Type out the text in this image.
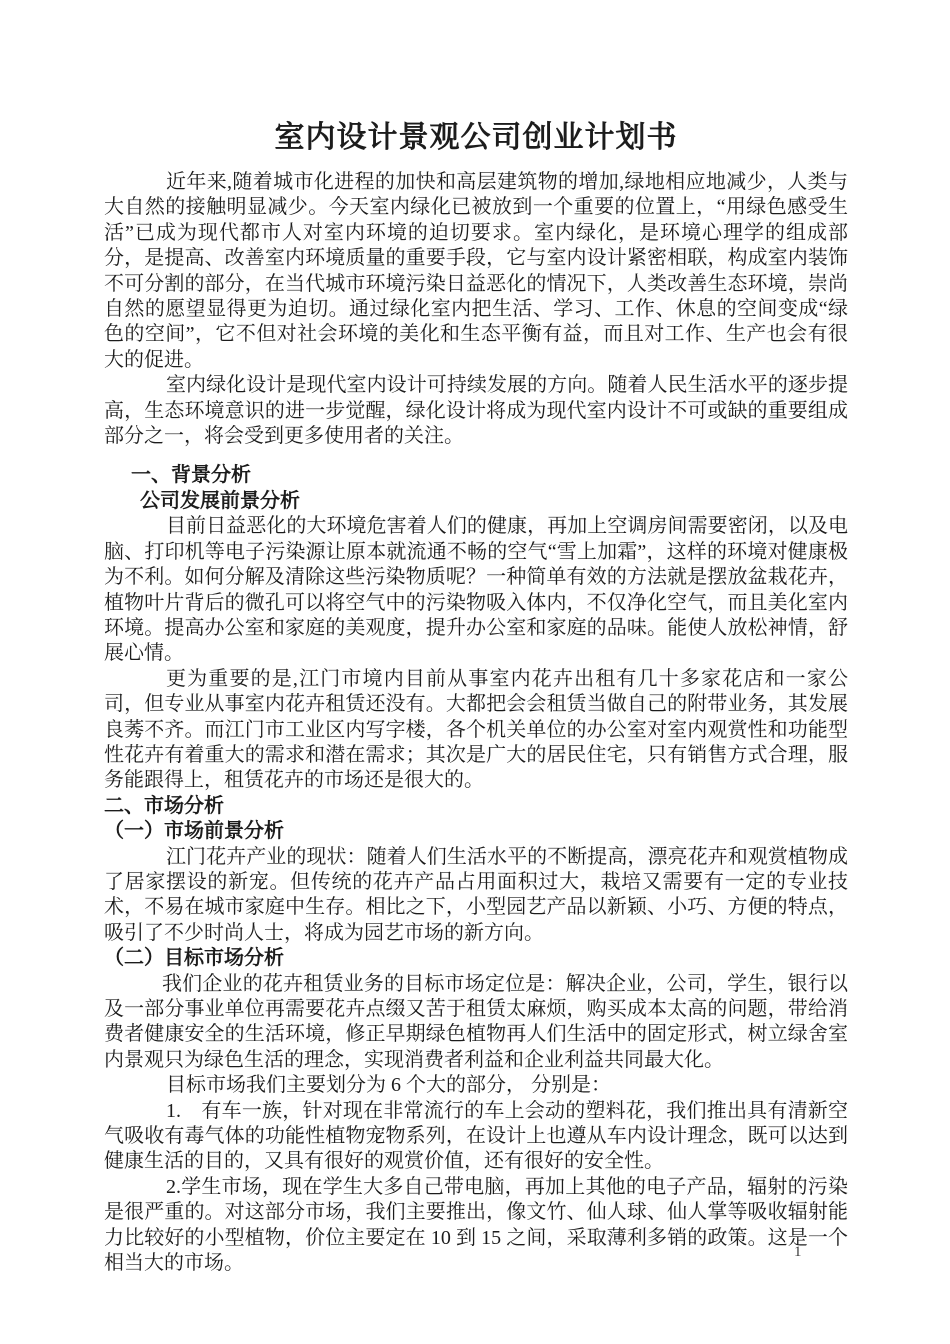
室内设计景观公司创业计划书
近年来,随着城市化进程的加快和高层建筑物的增加,绿地相应地减少，人类与大自然的接触明显减少。今天室内绿化已被放到一个重要的位置上，“用绿色感受生活”已成为现代都市人对室内环境的迫切要求。室内绿化，是环境心理学的组成部分，是提高、改善室内环境质量的重要手段，它与室内设计紧密相联，构成室内装饰不可分割的部分，在当代城市环境污染日益恶化的情况下，人类改善生态环境，崇尚自然的愿望显得更为迫切。通过绿化室内把生活、学习、工作、休息的空间变成“绿色的空间”，它不但对社会环境的美化和生态平衡有益，而且对工作、生产也会有很大的促进。
室内绿化设计是现代室内设计可持续发展的方向。随着人民生活水平的逐步提高，生态环境意识的进一步觉醒，绿化设计将成为现代室内设计不可或缺的重要组成部分之一，将会受到更多使用者的关注。
一、背景分析
公司发展前景分析
目前日益恶化的大环境危害着人们的健康，再加上空调房间需要密闭，以及电脑、打印机等电子污染源让原本就流通不畅的空气“雪上加霜”，这样的环境对健康极为不利。如何分解及清除这些污染物质呢？一种简单有效的方法就是摆放盆栽花卉，植物叶片背后的微孔可以将空气中的污染物吸入体内，不仅净化空气，而且美化室内环境。提高办公室和家庭的美观度，提升办公室和家庭的品味。能使人放松神情，舒展心情。
更为重要的是,江门市境内目前从事室内花卉出租有几十多家花店和一家公司，但专业从事室内花卉租赁还没有。大都把会会租赁当做自己的附带业务，其发展良莠不齐。而江门市工业区内写字楼，各个机关单位的办公室对室内观赏性和功能型性花卉有着重大的需求和潜在需求；其次是广大的居民住宅，只有销售方式合理，服务能跟得上，租赁花卉的市场还是很大的。
二、市场分析
（一）市场前景分析
江门花卉产业的现状：随着人们生活水平的不断提高，漂亮花卉和观赏植物成了居家摆设的新宠。但传统的花卉产品占用面积过大，栽培又需要有一定的专业技术，不易在城市家庭中生存。相比之下，小型园艺产品以新颖、小巧、方便的特点，吸引了不少时尚人士，将成为园艺市场的新方向。
（二）目标市场分析
我们企业的花卉租赁业务的目标市场定位是：解决企业，公司，学生，银行以及一部分事业单位再需要花卉点缀又苦于租赁太麻烦，购买成本太高的问题，带给消费者健康安全的生活环境，修正早期绿色植物再人们生活中的固定形式，树立绿舍室内景观只为绿色生活的理念，实现消费者利益和企业利益共同最大化。
目标市场我们主要划分为 6 个大的部分， 分别是：
1.　有车一族，针对现在非常流行的车上会动的塑料花，我们推出具有清新空气吸收有毒气体的功能性植物宠物系列，在设计上也遵从车内设计理念，既可以达到健康生活的目的，又具有很好的观赏价值，还有很好的安全性。
2.学生市场，现在学生大多自己带电脑，再加上其他的电子产品，辐射的污染是很严重的。对这部分市场，我们主要推出，像文竹、仙人球、仙人掌等吸收辐射能力比较好的小型植物，价位主要定在 10 到 15 之间，采取薄利多销的政策。这是一个相当大的市场。
1
